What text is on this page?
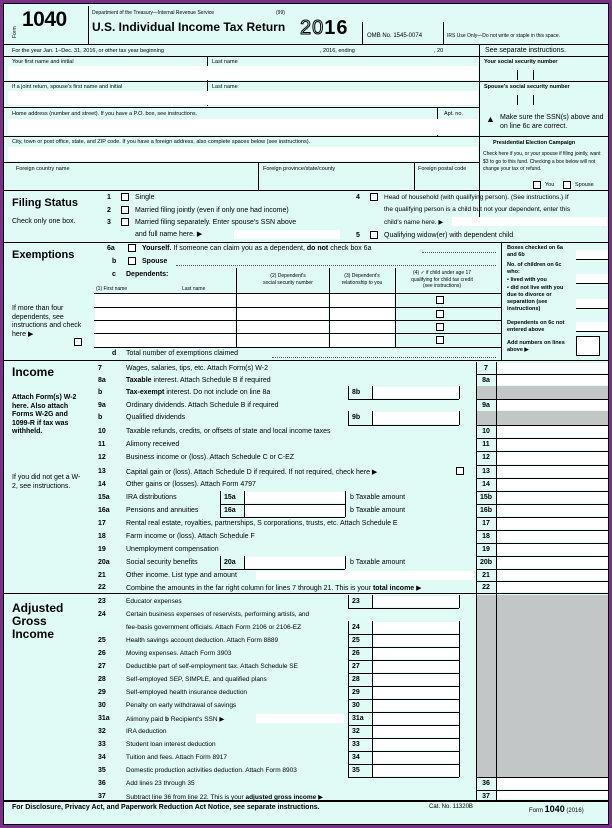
Form
1040	Department of the Treasury—Internal Revenue Service	(99)
U.S. Individual Income Tax Return 2016	OMB No. 1545-0074	IRS Use Only—Do not write or staple in this space.
For the year Jan. 1–Dec. 31, 2016, or other tax year beginning	, 2016, ending	, 20	See separate instructions.
Your first name and initial	Last name	Your social security number
If a joint return, spouse's first name and initial	Last name	Spouse's social security number
Home address (number and street). If you have a P.O. box, see instructions.	Apt. no.	▲ Make sure the SSN(s) above and on line 6c are correct.
City, town or post office, state, and ZIP code. If you have a foreign address, also complete spaces below (see instructions).	Presidential Election Campaign
Check here if you, or your spouse if filing jointly, want $3 to go to this fund. Checking a box below will not change your tax or refund.
You	Spouse
Foreign country name	Foreign province/state/county	Foreign postal code
Filing Status
Check only one box.
1	Single
2	Married filing jointly (even if only one had income)
3	Married filing separately. Enter spouse's SSN above
and full name here. ▶
4	Head of household (with qualifying person). (See instructions.) If
the qualifying person is a child but not your dependent, enter this
child's name here. ▶
5	Qualifying widow(er) with dependent child
Exemptions
If more than four dependents, see instructions and check here ▶
6a	Yourself. If someone can claim you as a dependent, do not check box 6a
b	Spouse
c Dependents:
(1) First name	Last name
(2) Dependent's
social security number
(3) Dependent's
relationship to you
(4) ✓ if child under age 17
qualifying for child tax credit
(see instructions)
d Total number of exemptions claimed
Boxes checked on 6a and 6b
No. of children on 6c who:
• lived with you
• did not live with you due to divorce or separation (see instructions)
Dependents on 6c not entered above
Add numbers on lines above ▶
Income
Attach Form(s) W-2 here. Also attach Forms W-2G and 1099-R if tax was withheld.
If you did not get a W-2, see instructions.
Adjusted
Gross
Income
For Disclosure, Privacy Act, and Paperwork Reduction Act Notice, see separate instructions.	Cat. No. 11320B
Form 1040 (2016)
7	Wages, salaries, tips, etc. Attach Form(s) W-2	7
8a	Taxable interest. Attach Schedule B if required	8a
b	Tax-exempt interest. Do not include on line 8a	8b
9a	Ordinary dividends. Attach Schedule B if required	9a
b	Qualified dividends	9b
10	Taxable refunds, credits, or offsets of state and local income taxes	10
11	Alimony received	11
12	Business income or (loss). Attach Schedule C or C-EZ	12
13	Capital gain or (loss). Attach Schedule D if required. If not required, check here ▶	13
14	Other gains or (losses). Attach Form 4797	14
15a IRA distributions	15a	b Taxable amount	15b
16a Pensions and annuities	16a	b Taxable amount	16b
17	Rental real estate, royalties, partnerships, S corporations, trusts, etc. Attach Schedule E	17
18	Farm income or (loss). Attach Schedule F	18
19	Unemployment compensation	19
20a Social security benefits	20a	b Taxable amount	20b
21	Other income. List type and amount	21
22	Combine the amounts in the far right column for lines 7 through 21. This is your total income ▶	22
23	Educator expenses	23
24	Certain business expenses of reservists, performing artists, and
fee-basis government officials. Attach Form 2106 or 2106-EZ	24
25	Health savings account deduction. Attach Form 8889	25
26	Moving expenses. Attach Form 3903	26
27	Deductible part of self-employment tax. Attach Schedule SE	27
28	Self-employed SEP, SIMPLE, and qualified plans	28
29	Self-employed health insurance deduction	29
30	Penalty on early withdrawal of savings	30
31a	Alimony paid b Recipient's SSN ▶	31a
32	IRA deduction	32
33	Student loan interest deduction	33
34	Tuition and fees. Attach Form 8917	34
35	Domestic production activities deduction. Attach Form 8903	35
36	Add lines 23 through 35	36
37	Subtract line 36 from line 22. This is your adjusted gross income ▶	37
